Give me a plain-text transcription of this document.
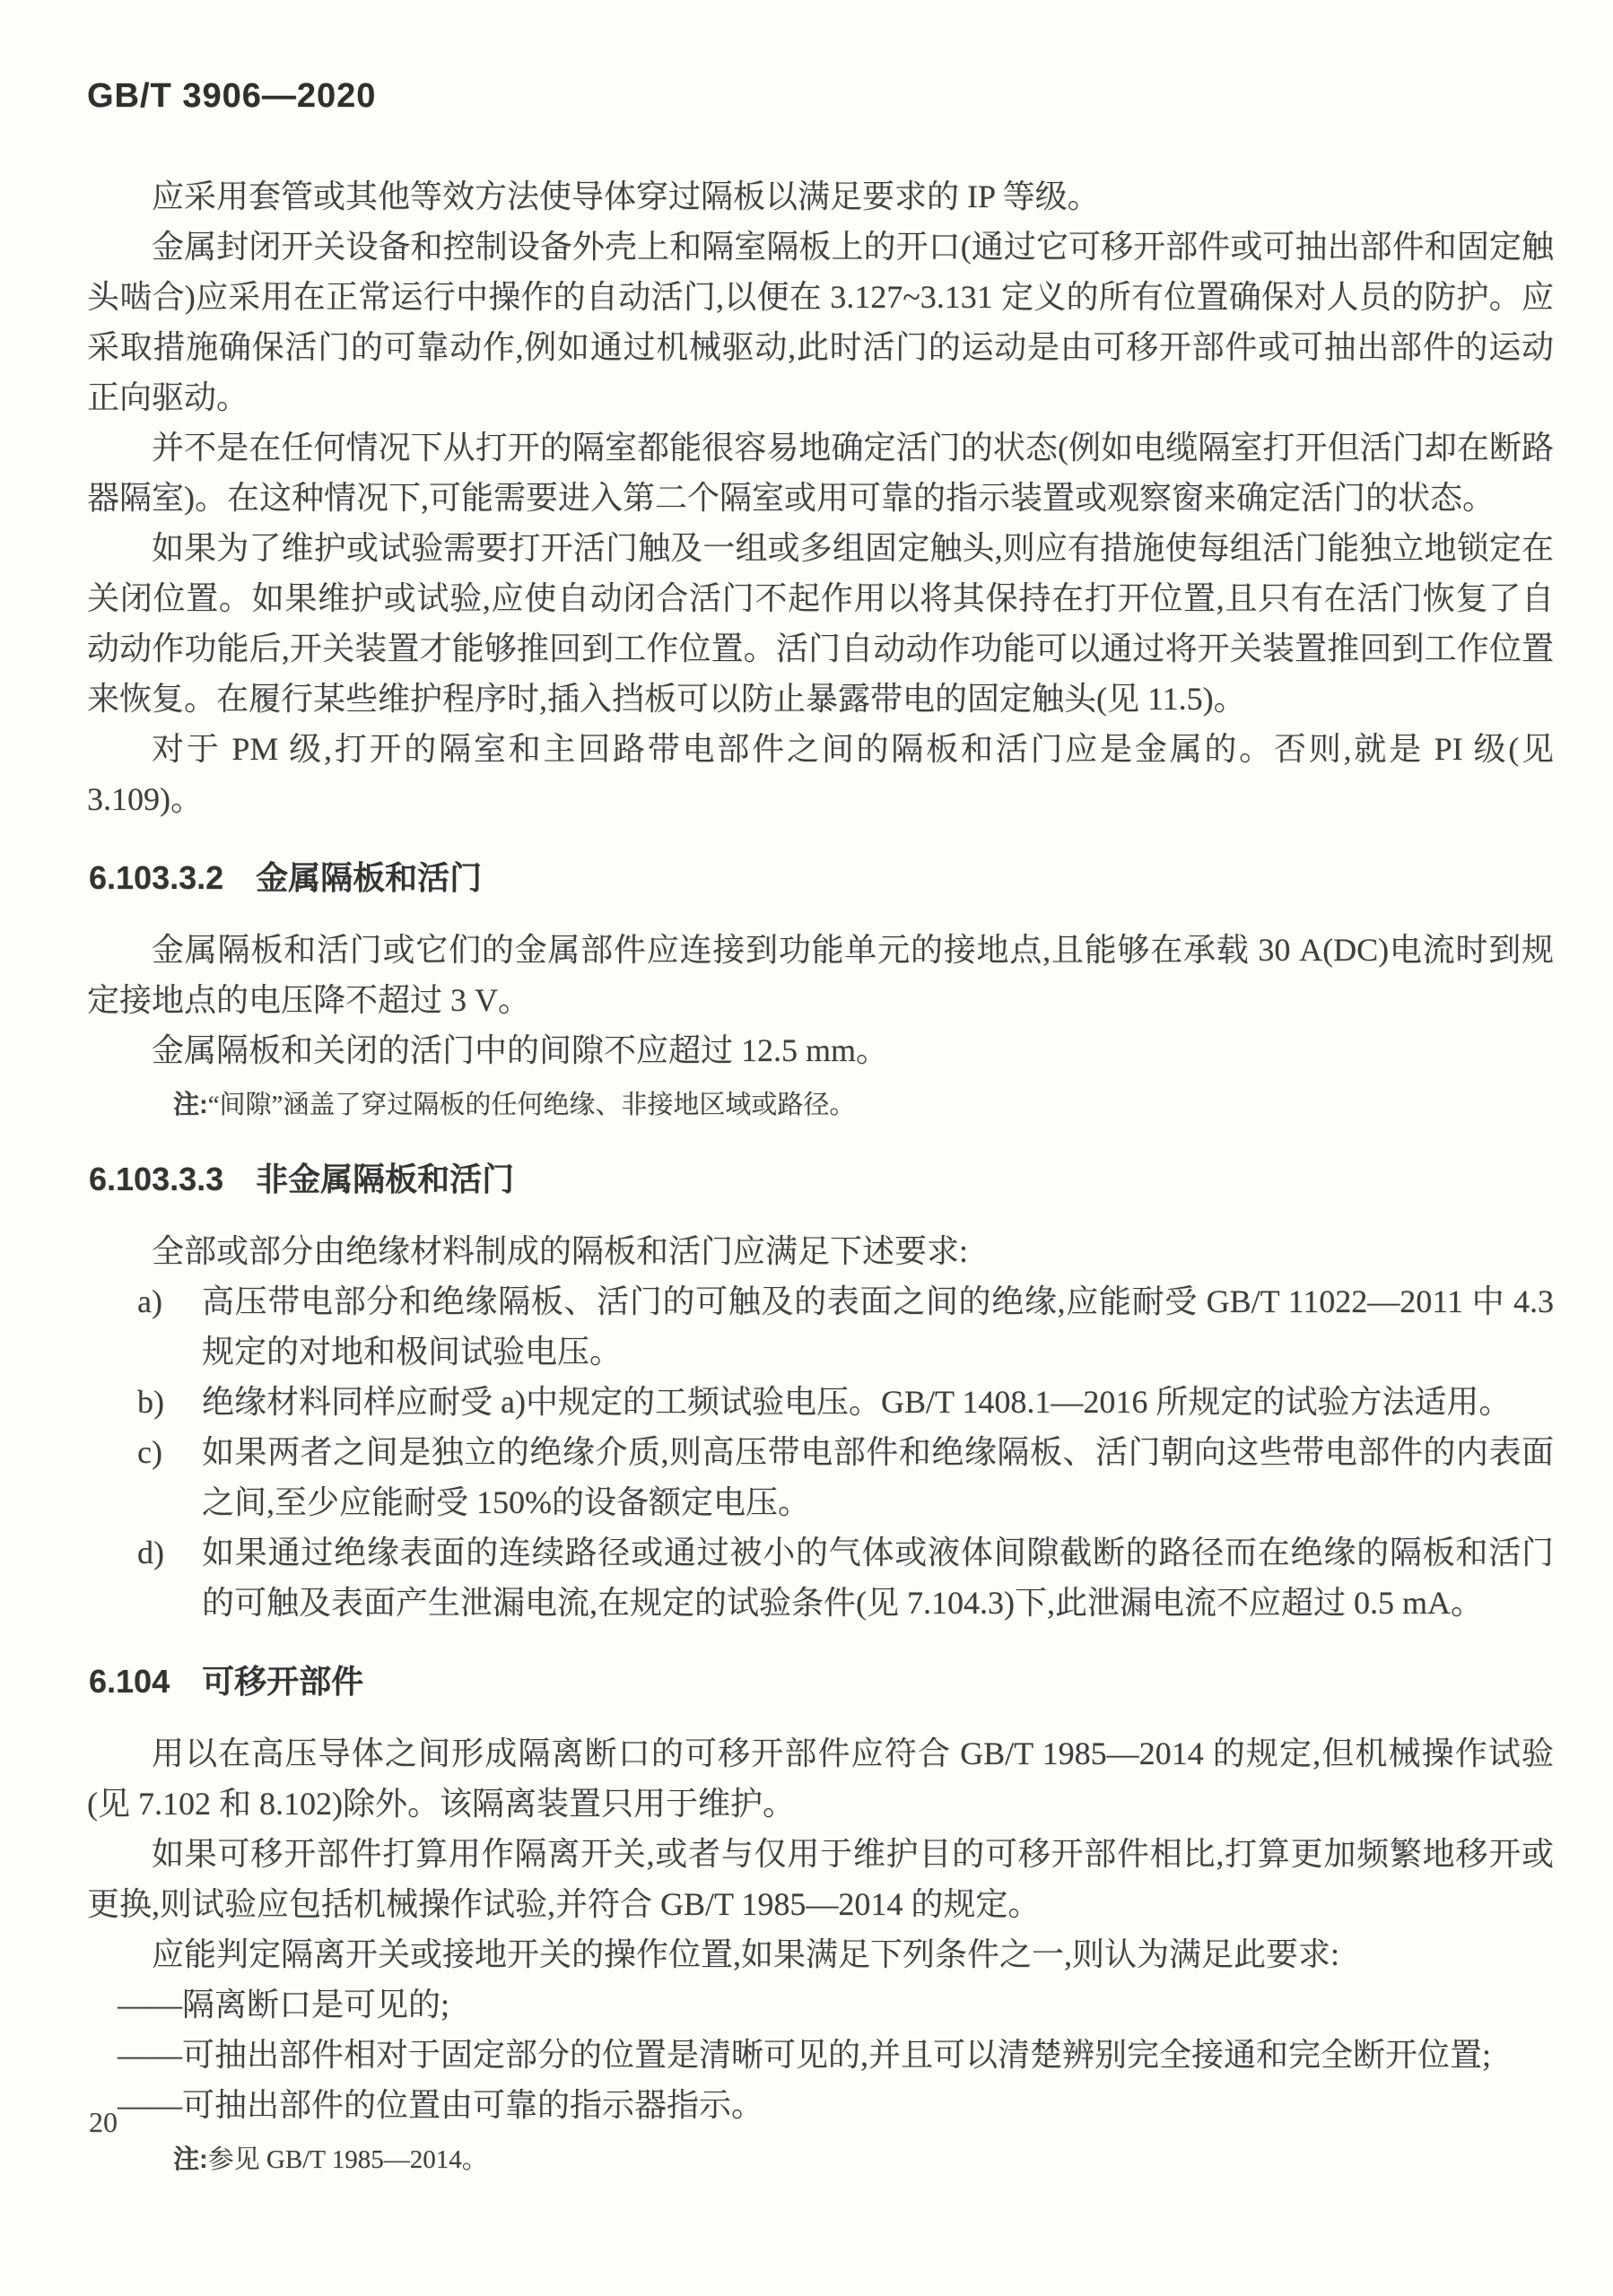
GB/T 3906—2020

应采用套管或其他等效方法使导体穿过隔板以满足要求的 IP 等级。

金属封闭开关设备和控制设备外壳上和隔室隔板上的开口(通过它可移开部件或可抽出部件和固定触头啮合)应采用在正常运行中操作的自动活门,以便在 3.127~3.131 定义的所有位置确保对人员的防护。应采取措施确保活门的可靠动作,例如通过机械驱动,此时活门的运动是由可移开部件或可抽出部件的运动正向驱动。

并不是在任何情况下从打开的隔室都能很容易地确定活门的状态(例如电缆隔室打开但活门却在断路器隔室)。在这种情况下,可能需要进入第二个隔室或用可靠的指示装置或观察窗来确定活门的状态。

如果为了维护或试验需要打开活门触及一组或多组固定触头,则应有措施使每组活门能独立地锁定在关闭位置。如果维护或试验,应使自动闭合活门不起作用以将其保持在打开位置,且只有在活门恢复了自动动作功能后,开关装置才能够推回到工作位置。活门自动动作功能可以通过将开关装置推回到工作位置来恢复。在履行某些维护程序时,插入挡板可以防止暴露带电的固定触头(见 11.5)。

对于 PM 级,打开的隔室和主回路带电部件之间的隔板和活门应是金属的。否则,就是 PI 级(见 3.109)。

6.103.3.2 金属隔板和活门

金属隔板和活门或它们的金属部件应连接到功能单元的接地点,且能够在承载 30 A(DC)电流时到规定接地点的电压降不超过 3 V。

金属隔板和关闭的活门中的间隙不应超过 12.5 mm。

注:“间隙”涵盖了穿过隔板的任何绝缘、非接地区域或路径。
6.103.3.3 非金属隔板和活门

全部或部分由绝缘材料制成的隔板和活门应满足下述要求:

a)	高压带电部分和绝缘隔板、活门的可触及的表面之间的绝缘,应能耐受 GB/T 11022—2011 中 4.3 规定的对地和极间试验电压。
b)	绝缘材料同样应耐受 a)中规定的工频试验电压。GB/T 1408.1—2016 所规定的试验方法适用。
c)	如果两者之间是独立的绝缘介质,则高压带电部件和绝缘隔板、活门朝向这些带电部件的内表面之间,至少应能耐受 150%的设备额定电压。
d)	如果通过绝缘表面的连续路径或通过被小的气体或液体间隙截断的路径而在绝缘的隔板和活门的可触及表面产生泄漏电流,在规定的试验条件(见 7.104.3)下,此泄漏电流不应超过 0.5 mA。
6.104 可移开部件

用以在高压导体之间形成隔离断口的可移开部件应符合 GB/T 1985—2014 的规定,但机械操作试验(见 7.102 和 8.102)除外。该隔离装置只用于维护。

如果可移开部件打算用作隔离开关,或者与仅用于维护目的可移开部件相比,打算更加频繁地移开或更换,则试验应包括机械操作试验,并符合 GB/T 1985—2014 的规定。

应能判定隔离开关或接地开关的操作位置,如果满足下列条件之一,则认为满足此要求:

——隔离断口是可见的;
——可抽出部件相对于固定部分的位置是清晰可见的,并且可以清楚辨别完全接通和完全断开位置;
——可抽出部件的位置由可靠的指示器指示。
注:参见 GB/T 1985—2014。
20
